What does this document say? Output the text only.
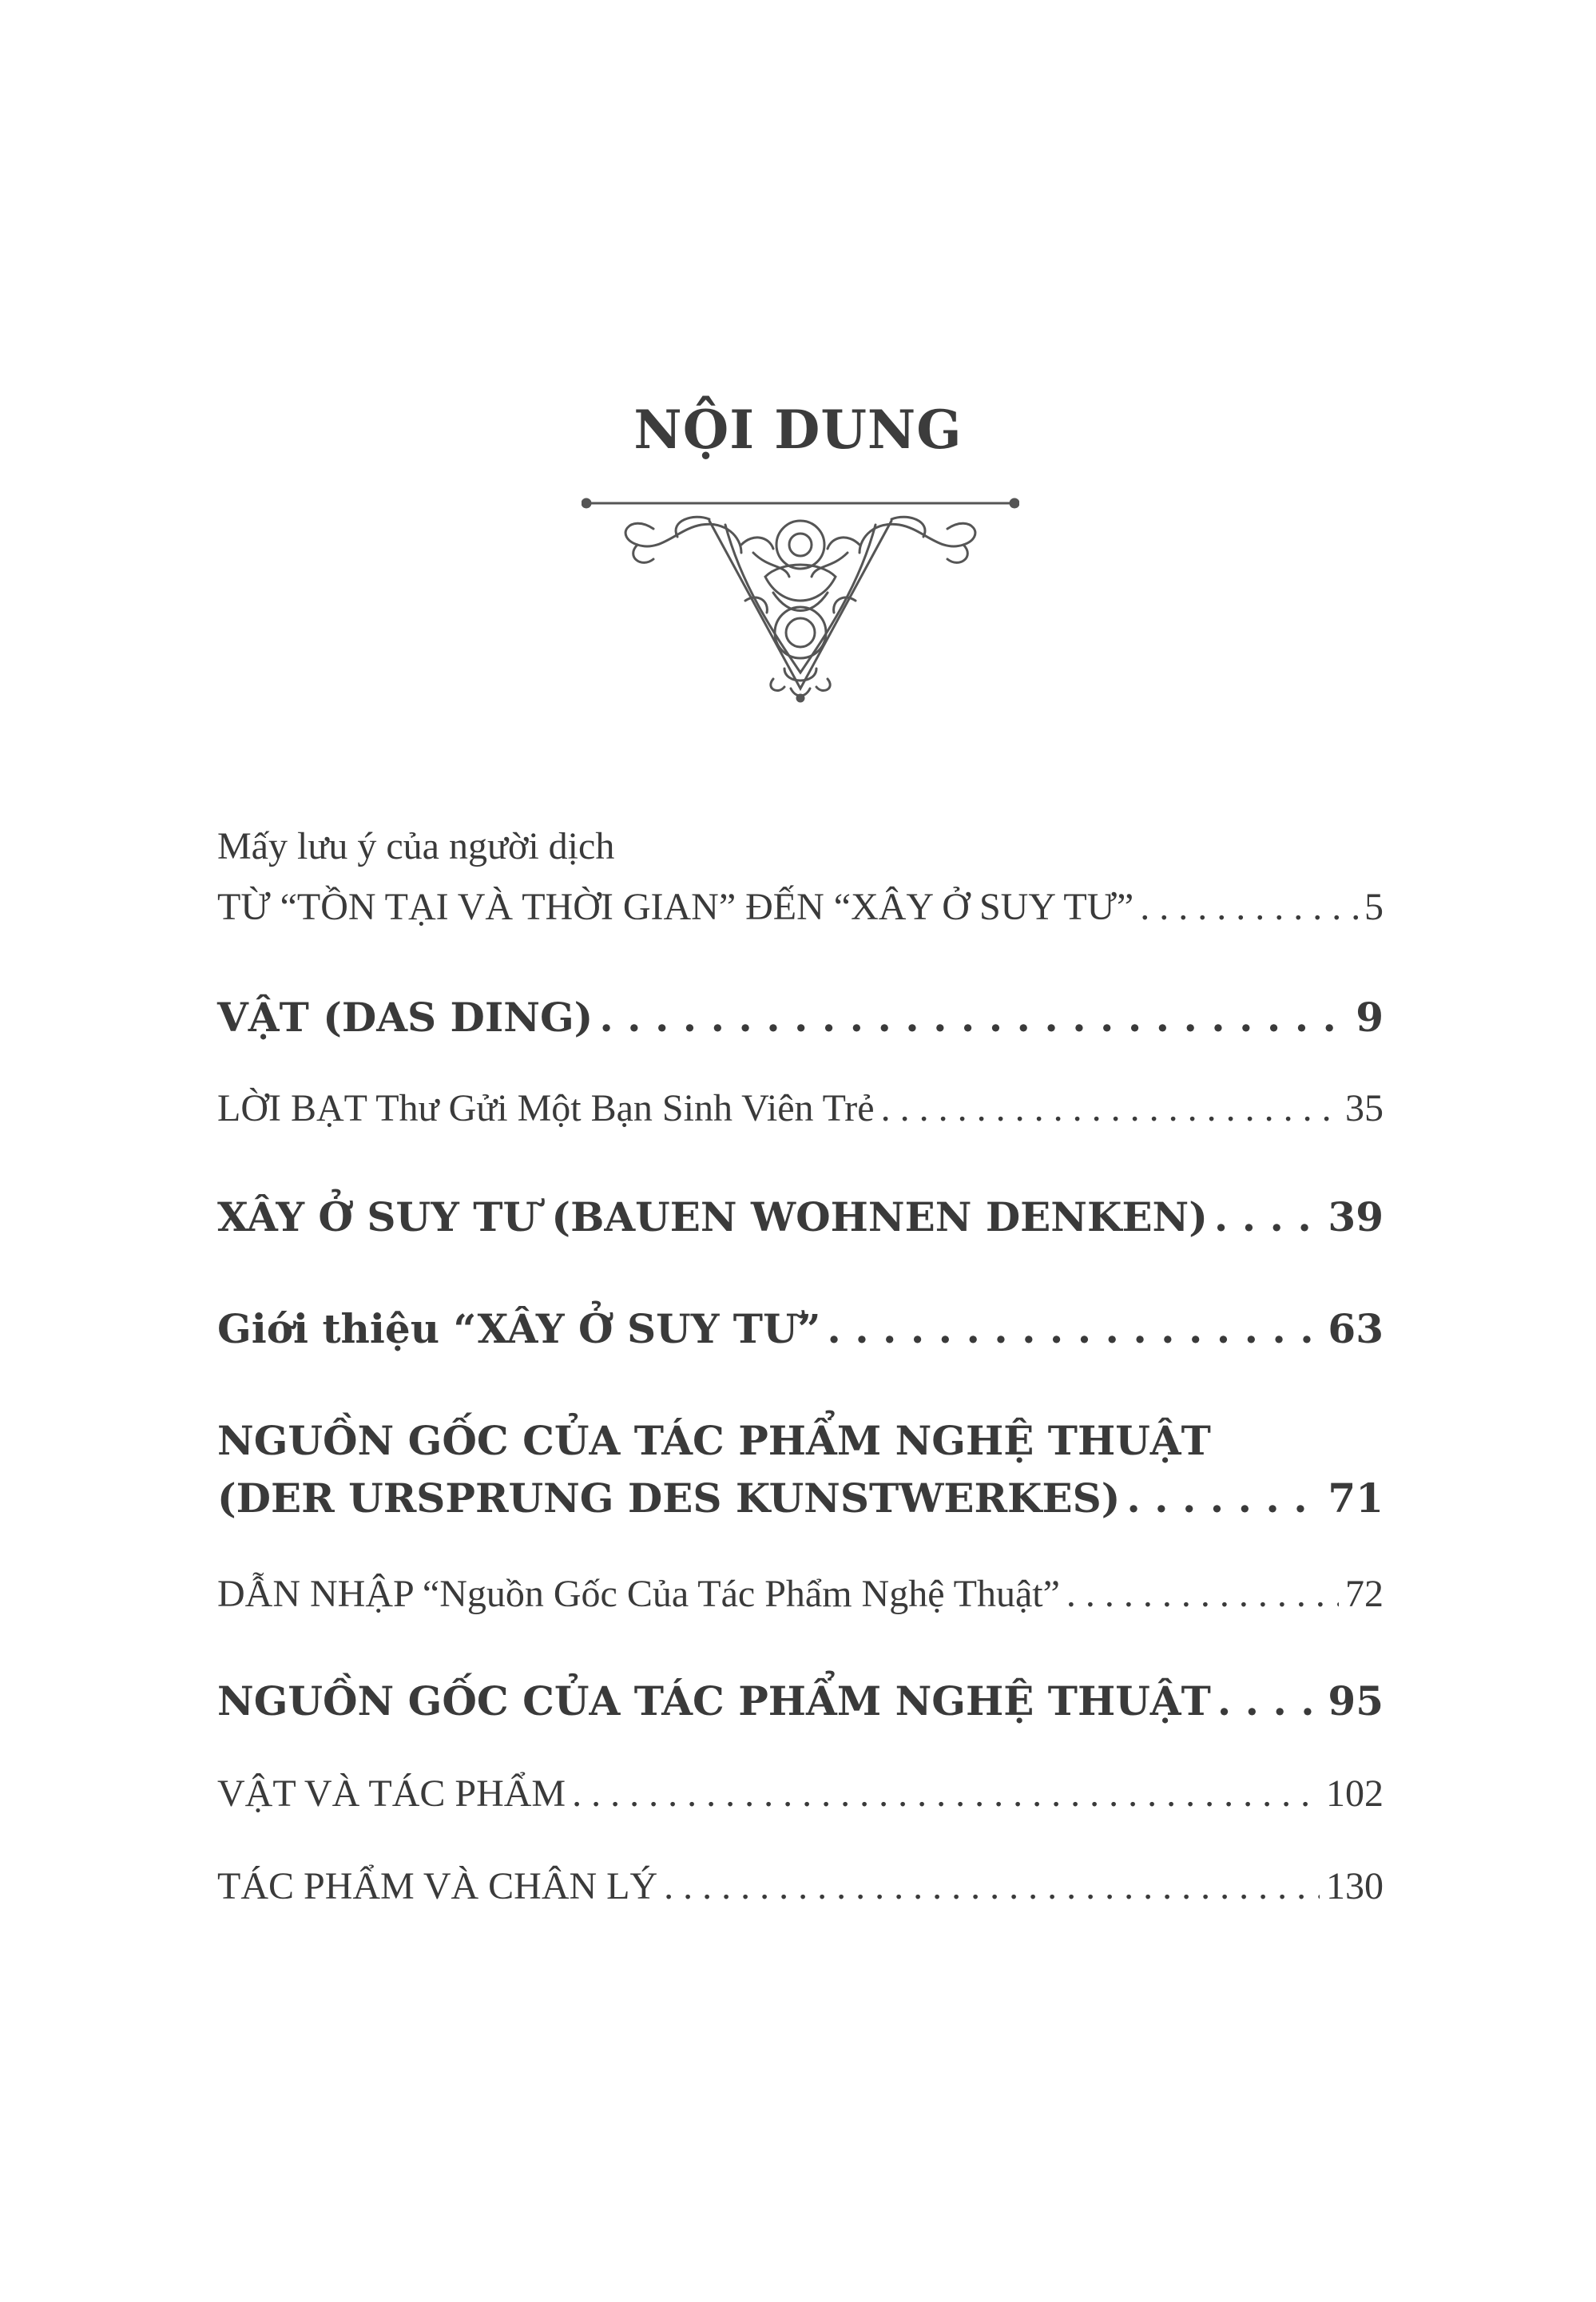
NỘI DUNG
Mấy lưu ý của người dịch
TỪ “TỒN TẠI VÀ THỜI GIAN” ĐẾN “XÂY Ở SUY TƯ” . . .	5
VẬT (DAS DING) . . .	9
LỜI BẠT Thư Gửi Một Bạn Sinh Viên Trẻ . . .	35
XÂY Ở SUY TƯ (BAUEN WOHNEN DENKEN) . . .	39
Giới thiệu “XÂY Ở SUY TƯ” . . .	63
NGUỒN GỐC CỦA TÁC PHẨM NGHỆ THUẬT
(DER URSPRUNG DES KUNSTWERKES) . . .	71
DẪN NHẬP “Nguồn Gốc Của Tác Phẩm Nghệ Thuật” . . .	72
NGUỒN GỐC CỦA TÁC PHẨM NGHỆ THUẬT . . .	95
VẬT VÀ TÁC PHẨM . . .	102
TÁC PHẨM VÀ CHÂN LÝ . . .	130
